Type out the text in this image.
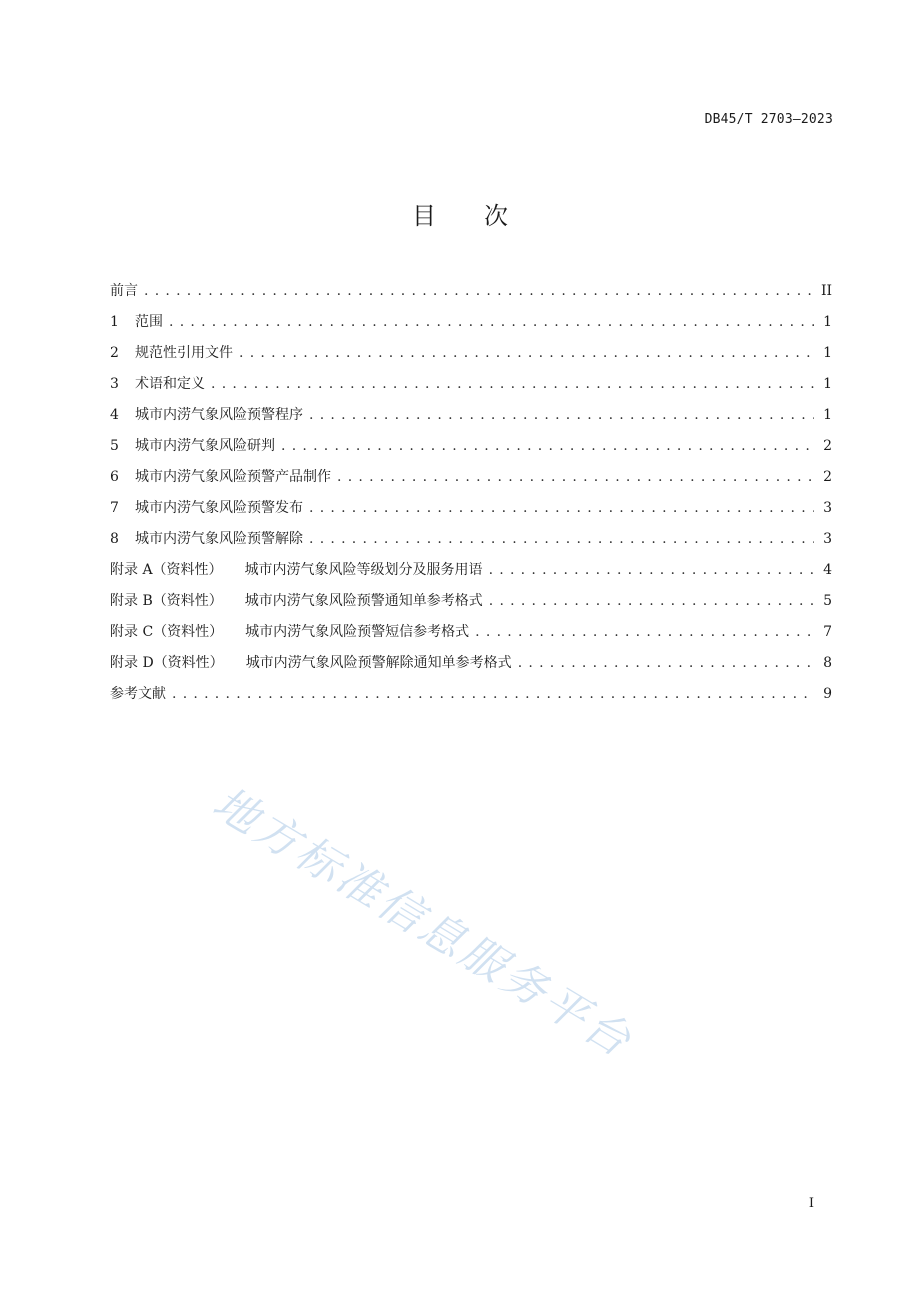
DB45/T 2703—2023
目 次
前言 . . .	II
1	范围 . . .	1
2	规范性引用文件 . . .	1
3	术语和定义 . . .	1
4	城市内涝气象风险预警程序 . . .	1
5	城市内涝气象风险研判 . . .	2
6	城市内涝气象风险预警产品制作 . . .	2
7	城市内涝气象风险预警发布 . . .	3
8	城市内涝气象风险预警解除 . . .	3
附录 A（资料性） 城市内涝气象风险等级划分及服务用语 . . .	4
附录 B（资料性） 城市内涝气象风险预警通知单参考格式 . . .	5
附录 C（资料性） 城市内涝气象风险预警短信参考格式 . . .	7
附录 D（资料性） 城市内涝气象风险预警解除通知单参考格式 . . .	8
参考文献 . . .	9
地方标准信息服务平台
I
